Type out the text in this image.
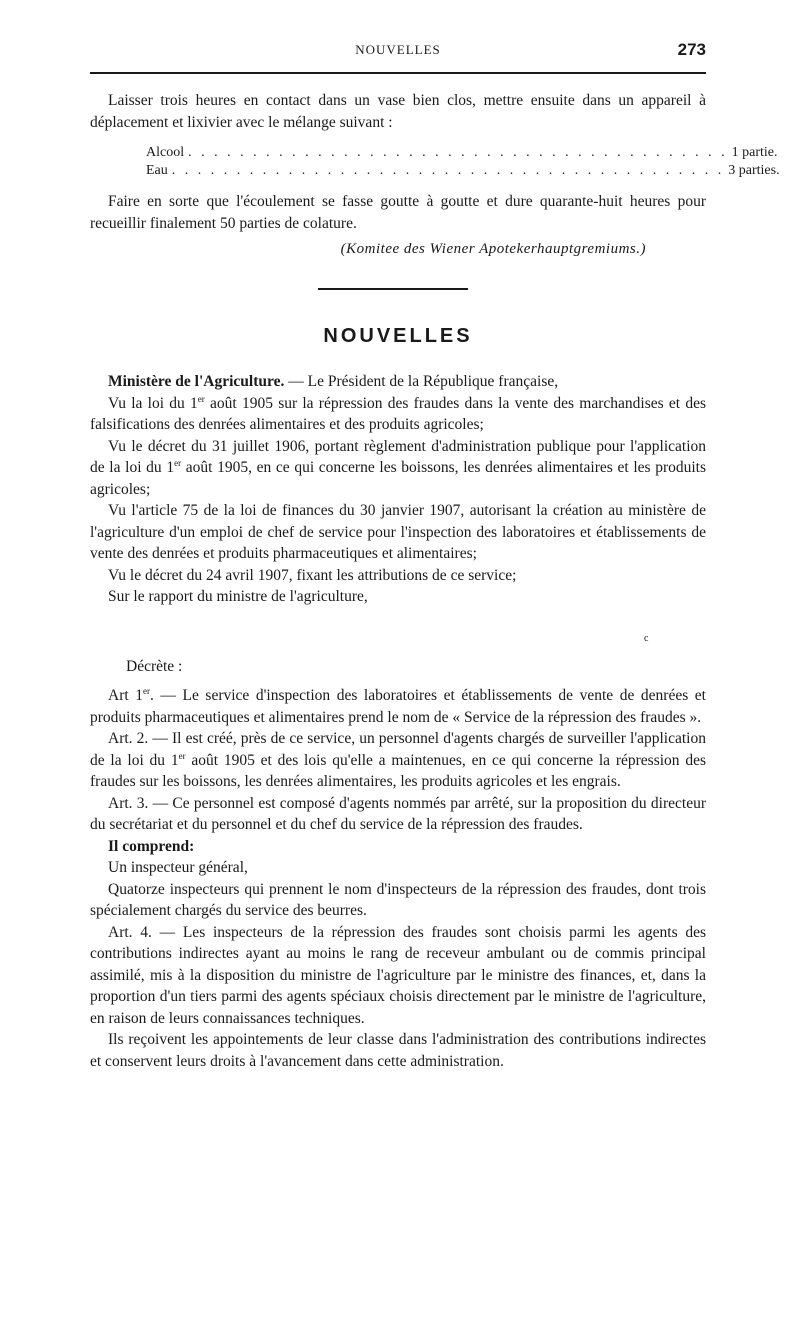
NOUVELLES	273

Laisser trois heures en contact dans un vase bien clos, mettre ensuite dans un appareil à déplacement et lixivier avec le mélange suivant :

Alcool . . . . . . . . . . . . . . . . . . . . . . . . . . . . . . . . . . . . . . . . . . 1 partie.
Eau . . . . . . . . . . . . . . . . . . . . . . . . . . . . . . . . . . . . . . . . . . . 3 parties.

Faire en sorte que l'écoulement se fasse goutte à goutte et dure quarante-huit heures pour recueillir finalement 50 parties de colature.

(Komitee des Wiener Apotekerhauptgremiums.)
NOUVELLES

Ministère de l'Agriculture. — Le Président de la République française,

Vu la loi du 1er août 1905 sur la répression des fraudes dans la vente des marchandises et des falsifications des denrées alimentaires et des produits agricoles;

Vu le décret du 31 juillet 1906, portant règlement d'administration publique pour l'application de la loi du 1er août 1905, en ce qui concerne les boissons, les denrées alimentaires et les produits agricoles;

Vu l'article 75 de la loi de finances du 30 janvier 1907, autorisant la création au ministère de l'agriculture d'un emploi de chef de service pour l'inspection des laboratoires et établissements de vente des denrées et produits pharmaceutiques et alimentaires;

Vu le décret du 24 avril 1907, fixant les attributions de ce service;

Sur le rapport du ministre de l'agriculture,

c
Décrète :

Art 1er. — Le service d'inspection des laboratoires et établissements de vente de denrées et produits pharmaceutiques et alimentaires prend le nom de « Service de la répression des fraudes ».

Art. 2. — Il est créé, près de ce service, un personnel d'agents chargés de surveiller l'application de la loi du 1er août 1905 et des lois qu'elle a maintenues, en ce qui concerne la répression des fraudes sur les boissons, les denrées alimentaires, les produits agricoles et les engrais.

Art. 3. — Ce personnel est composé d'agents nommés par arrêté, sur la proposition du directeur du secrétariat et du personnel et du chef du service de la répression des fraudes.

Il comprend:

Un inspecteur général,

Quatorze inspecteurs qui prennent le nom d'inspecteurs de la répression des fraudes, dont trois spécialement chargés du service des beurres.

Art. 4. — Les inspecteurs de la répression des fraudes sont choisis parmi les agents des contributions indirectes ayant au moins le rang de receveur ambulant ou de commis principal assimilé, mis à la disposition du ministre de l'agriculture par le ministre des finances, et, dans la proportion d'un tiers parmi des agents spéciaux choisis directement par le ministre de l'agriculture, en raison de leurs connaissances techniques.

Ils reçoivent les appointements de leur classe dans l'administration des contributions indirectes et conservent leurs droits à l'avancement dans cette administration.
